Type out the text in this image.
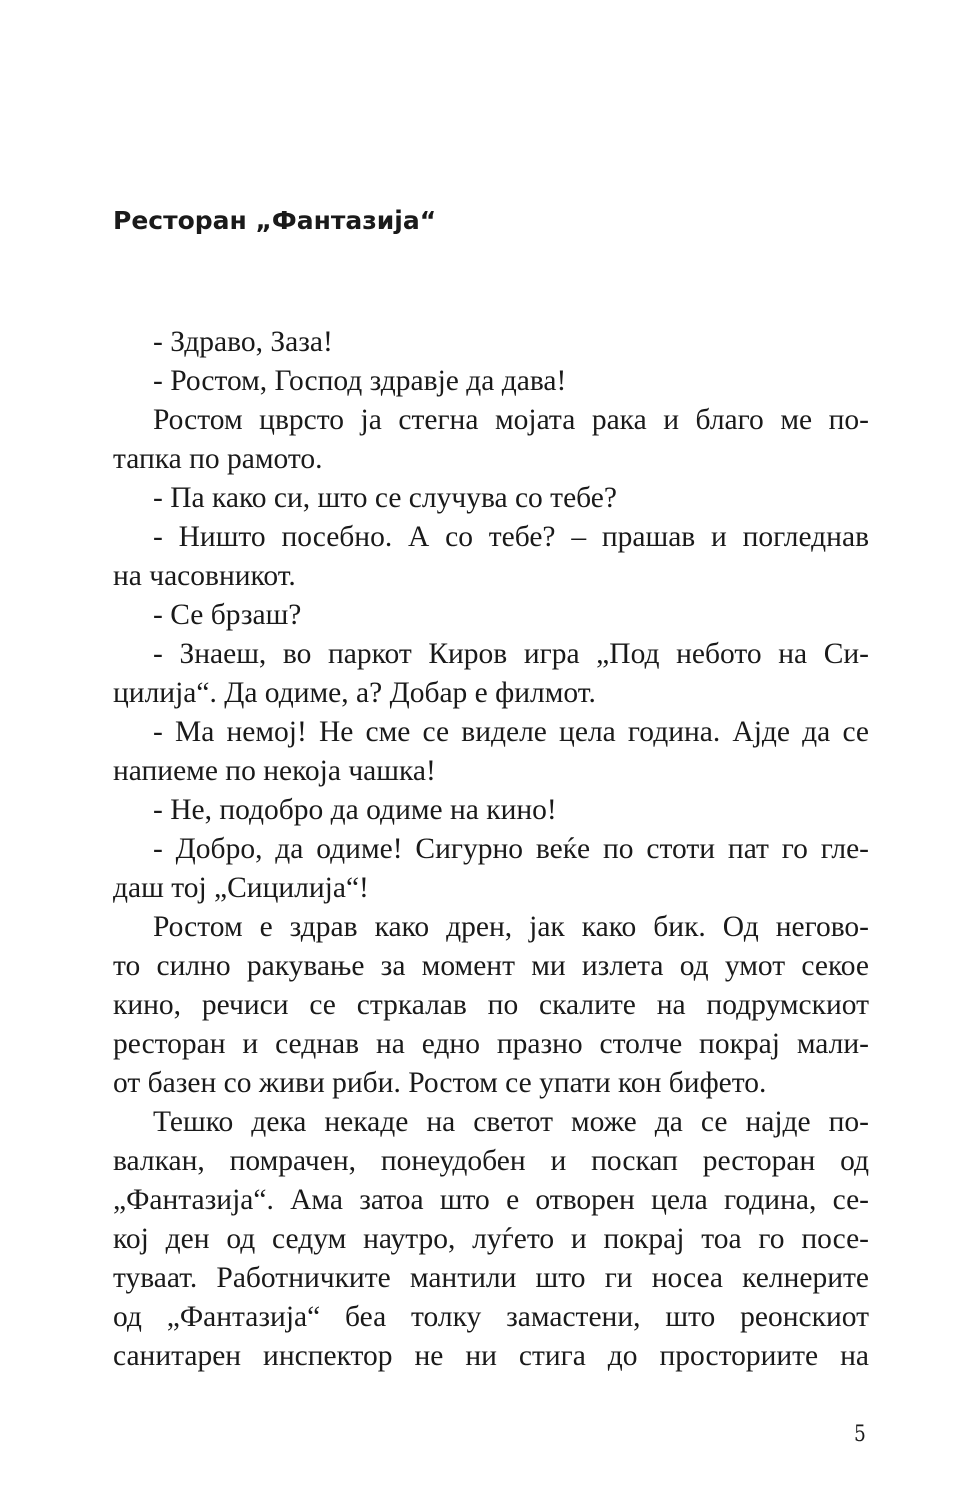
Ресторан „Фантазија“
- Здраво, Заза!
- Ростом, Господ здравје да дава!
Ростом цврсто ја стегна мојата рака и благо ме по-
тапка по рамото.
- Па како си, што се случува со тебе?
- Ништо посебно. А со тебе? – прашав и погледнав
на часовникот.
- Се брзаш?
- Знаеш, во паркот Киров игра „Под небото на Си-
цилија“. Да одиме, а? Добар е филмот.
- Ма немој! Не сме се виделе цела година. Ајде да се
напиеме по некоја чашка!
- Не, подобро да одиме на кино!
- Добро, да одиме! Сигурно веќе по стоти пат го гле-
даш тој „Сицилија“!
Ростом е здрав како дрен, јак како бик. Од негово-
то силно ракување за момент ми излета од умот секое
кино, речиси се стркалав по скалите на подрумскиот
ресторан и седнав на едно празно столче покрај мали-
от базен со живи риби. Ростом се упати кон бифето.
Тешко дека некаде на светот може да се најде по-
валкан, помрачен, понеудобен и поскап ресторан од
„Фантазија“. Ама затоа што е отворен цела година, се-
кој ден од седум наутро, луѓето и покрај тоа го посе-
туваат. Работничките мантили што ги носеа келнерите
од „Фантазија“ беа толку замастени, што реонскиот
санитарен инспектор не ни стига до просториите на
5
